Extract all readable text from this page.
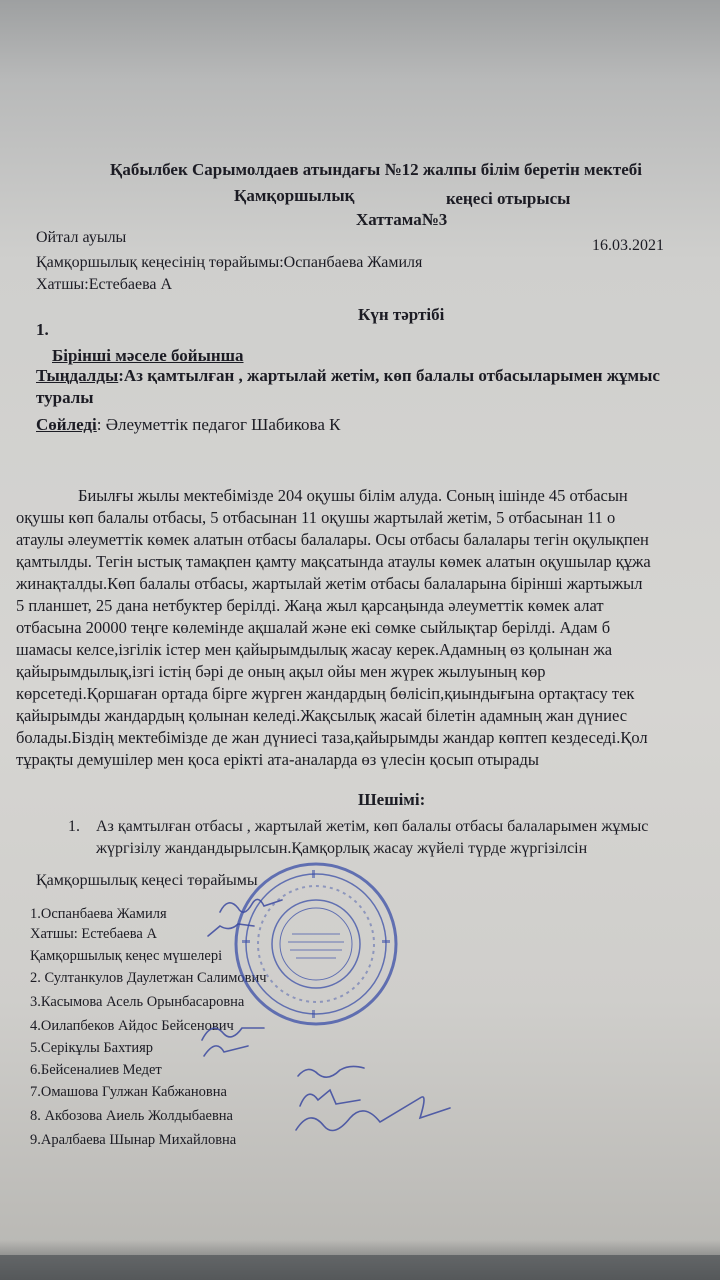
Қабылбек Сарымолдаев атындағы №12 жалпы білім беретін мектебі
Қамқоршылық	кеңесі отырысы
Хаттама№3
Ойтал ауылы	16.03.2021
Қамқоршылық кеңесінің төрайымы:Оспанбаева Жамиля
Хатшы:Естебаева А
Күн тәртібі
1.
Бірінші мәселе бойынша
Тыңдалды:Аз қамтылған , жартылай жетім, көп балалы отбасыларымен жұмыс
туралы
Сөйледі: Әлеуметтік педагог Шабикова К
Биылғы жылы мектебімізде 204 оқушы білім алуда. Соның ішінде 45 отбасын
оқушы көп балалы отбасы, 5 отбасынан 11 оқушы жартылай жетім, 5 отбасынан 11 о
атаулы әлеуметтік көмек алатын отбасы балалары. Осы отбасы балалары тегін оқулықпен
қамтылды. Тегін ыстық тамақпен қамту мақсатында атаулы көмек алатын оқушылар құжа
жинақталды.Көп балалы отбасы, жартылай жетім отбасы балаларына бірінші жартыжыл
5 планшет, 25 дана нетбуктер берілді. Жаңа жыл қарсаңында әлеуметтік көмек алат
отбасына 20000 теңге көлемінде ақшалай және екі сөмке сыйлықтар берілді. Адам б
шамасы келсе,ізгілік істер мен қайырымдылық жасау керек.Адамның өз қолынан жа
қайырымдылық,ізгі істің бәрі де оның ақыл ойы мен жүрек жылуының көр
көрсетеді.Қоршаған ортада бірге жүрген жандардың бөлісіп,қиындығына ортақтасу тек
қайырымды жандардың қолынан келеді.Жақсылық жасай білетін адамның жан дүниес
болады.Біздің мектебімізде де жан дүниесі таза,қайырымды жандар көптеп кездеседі.Қол
тұрақты демушілер мен қоса ерікті ата-аналарда өз үлесін қосып отырады
Шешімі:
1. Аз қамтылған отбасы , жартылай жетім, көп балалы отбасы балаларымен жұмыс
жүргізілу жандандырылсын.Қамқорлық жасау жүйелі түрде жүргізілсін
Қамқоршылық кеңесі төрайымы
1.Оспанбаева Жамиля
Хатшы: Естебаева А
Қамқоршылық кеңес мүшелері
2. Султанкулов Даулетжан Салимович
3.Касымова Асель Орынбасаровна
4.Оилапбеков Айдос Бейсенович
5.Серікұлы Бахтияр
6.Бейсеналиев Медет
7.Омашова Гулжан Кабжановна
8. Акбозова Аиель Жолдыбаевна
9.Аралбаева Шынар Михайловна
